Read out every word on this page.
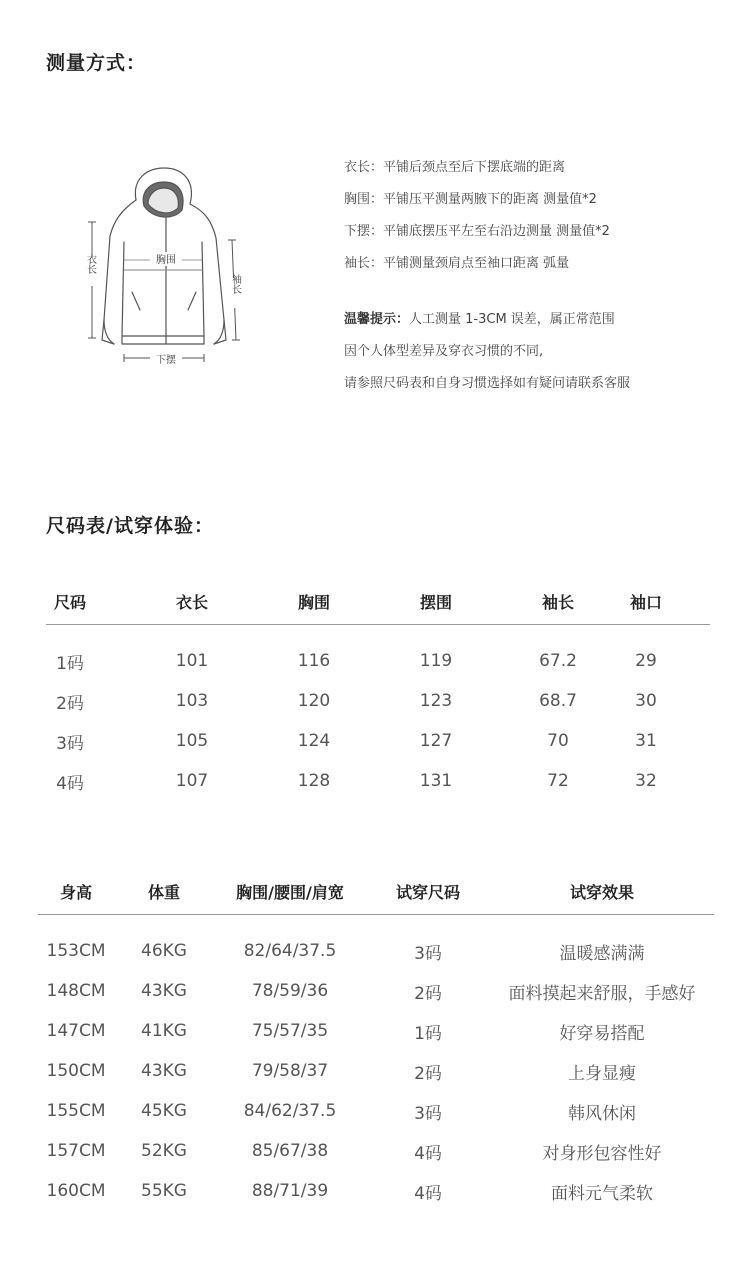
测量方式：
衣长	胸围
袖长
下摆
衣长：平铺后颈点至后下摆底端的距离
胸围：平铺压平测量两腋下的距离 测量值*2
下摆：平铺底摆压平左至右沿边测量 测量值*2
袖长：平铺测量颈肩点至袖口距离 弧量
温馨提示：人工测量 1-3CM 误差，属正常范围
因个人体型差异及穿衣习惯的不同,
请参照尺码表和自身习惯选择如有疑问请联系客服
尺码表/试穿体验：
尺码	衣长	胸围	摆围	袖长	袖口
1码	101	116	119	67.2	29
2码	103	120	123	68.7	30
3码	105	124	127	70	31
4码	107	128	131	72	32
身高	体重	胸围/腰围/肩宽	试穿尺码	试穿效果
153CM	46KG	82/64/37.5	3码	温暖感满满
148CM	43KG	78/59/36	2码	面料摸起来舒服，手感好
147CM	41KG	75/57/35	1码	好穿易搭配
150CM	43KG	79/58/37	2码	上身显瘦
155CM	45KG	84/62/37.5	3码	韩风休闲
157CM	52KG	85/67/38	4码	对身形包容性好
160CM	55KG	88/71/39	4码	面料元气柔软
